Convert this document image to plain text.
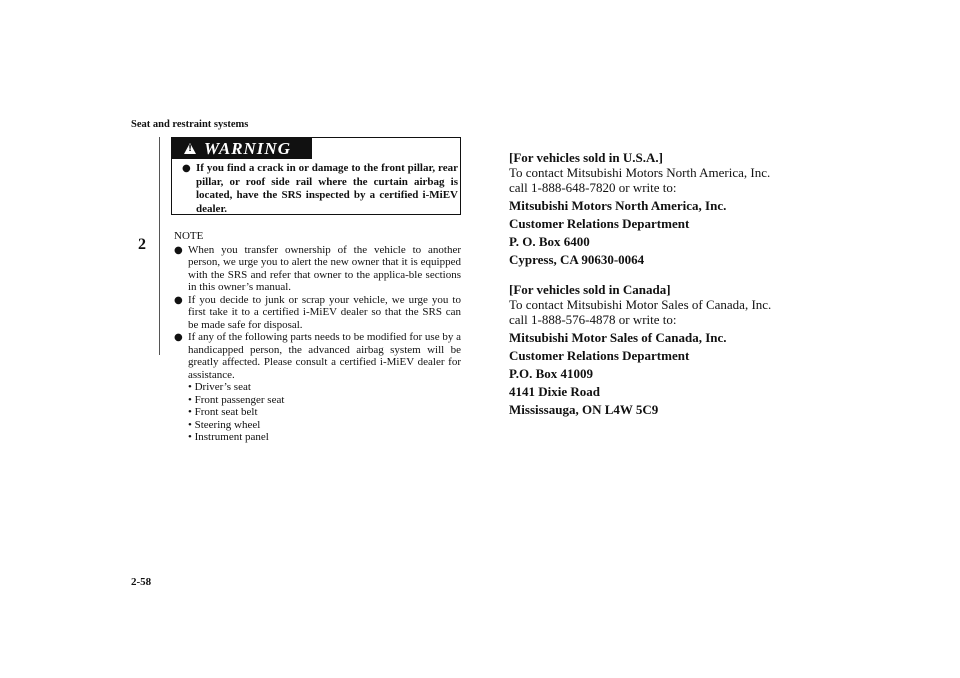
Seat and restraint systems
2
!
WARNING
● If you find a crack in or damage to the front pillar, rear pillar, or roof side rail where the curtain airbag is located, have the SRS inspected by a certified i-MiEV dealer.
NOTE
● When you transfer ownership of the vehicle to another person, we urge you to alert the new owner that it is equipped with the SRS and refer that owner to the applica-ble sections in this owner’s manual.
● If you decide to junk or scrap your vehicle, we urge you to first take it to a certified i-MiEV dealer so that the SRS can be made safe for disposal.
● If any of the following parts needs to be modified for use by a handicapped person, the advanced airbag system will be greatly affected. Please consult a certified i-MiEV dealer for assistance.
• Driver’s seat
• Front passenger seat
• Front seat belt
• Steering wheel
• Instrument panel
[For vehicles sold in U.S.A.]
To contact Mitsubishi Motors North America, Inc.
call 1-888-648-7820 or write to:
Mitsubishi Motors North America, Inc.
Customer Relations Department
P. O. Box 6400
Cypress, CA 90630-0064
[For vehicles sold in Canada]
To contact Mitsubishi Motor Sales of Canada, Inc.
call 1-888-576-4878 or write to:
Mitsubishi Motor Sales of Canada, Inc.
Customer Relations Department
P.O. Box 41009
4141 Dixie Road
Mississauga, ON L4W 5C9
2-58
